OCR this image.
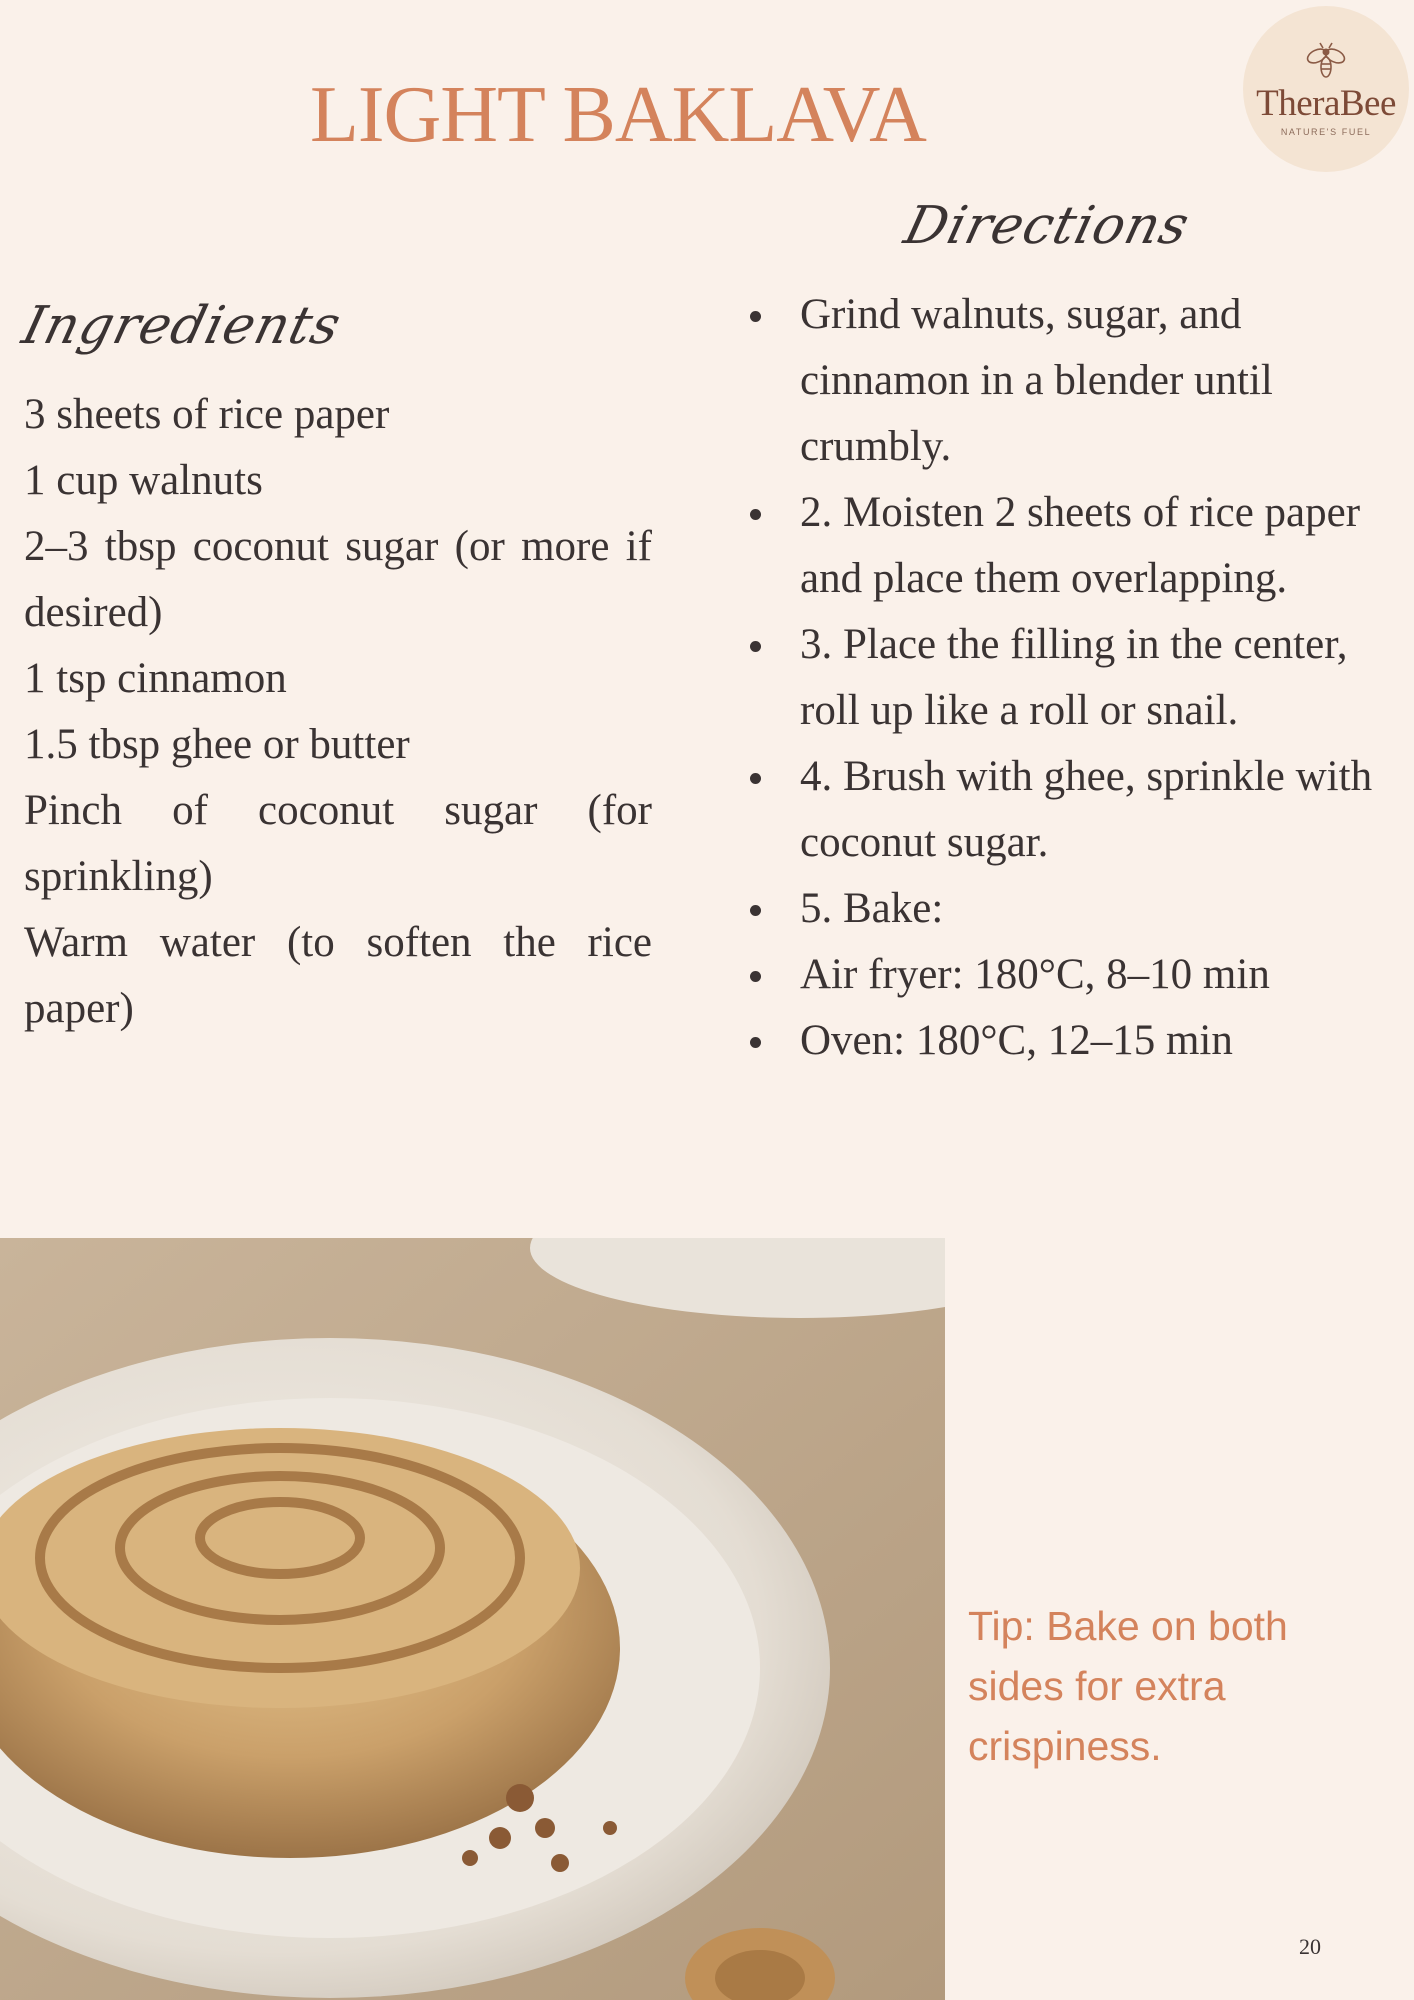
LIGHT BAKLAVA	TheraBee
NATURE'S FUEL
Directions
Ingredients
3 sheets of rice paper
1 cup walnuts
2–3 tbsp coconut sugar (or more if desired)
1 tsp cinnamon
1.5 tbsp ghee or butter
Pinch of coconut sugar (for sprinkling)
Warm water (to soften the rice paper)
Grind walnuts, sugar, and cinnamon in a blender until crumbly.
2. Moisten 2 sheets of rice paper and place them overlapping.
3. Place the filling in the center, roll up like a roll or snail.
4. Brush with ghee, sprinkle with coconut sugar.
5. Bake:
Air fryer: 180°C, 8–10 min
Oven: 180°C, 12–15 min
Tip: Bake on both sides for extra crispiness.
20
